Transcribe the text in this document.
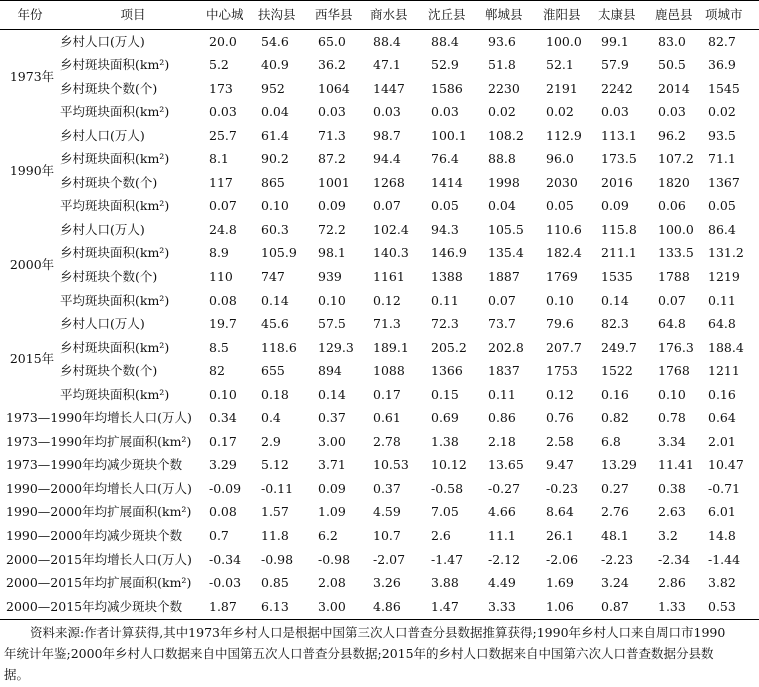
年份	项目	中心城	扶沟县	西华县	商水县	沈丘县	郸城县	淮阳县	太康县	鹿邑县	项城市
1973年	乡村人口(万人)	20.0	54.6	65.0	88.4	88.4	93.6	100.0	99.1	83.0	82.7
	乡村斑块面积(km²)	5.2	40.9	36.2	47.1	52.9	51.8	52.1	57.9	50.5	36.9
	乡村斑块个数(个)	173	952	1064	1447	1586	2230	2191	2242	2014	1545
	平均斑块面积(km²)	0.03	0.04	0.03	0.03	0.03	0.02	0.02	0.03	0.03	0.02
1990年	乡村人口(万人)	25.7	61.4	71.3	98.7	100.1	108.2	112.9	113.1	96.2	93.5
	乡村斑块面积(km²)	8.1	90.2	87.2	94.4	76.4	88.8	96.0	173.5	107.2	71.1
	乡村斑块个数(个)	117	865	1001	1268	1414	1998	2030	2016	1820	1367
	平均斑块面积(km²)	0.07	0.10	0.09	0.07	0.05	0.04	0.05	0.09	0.06	0.05
2000年	乡村人口(万人)	24.8	60.3	72.2	102.4	94.3	105.5	110.6	115.8	100.0	86.4
	乡村斑块面积(km²)	8.9	105.9	98.1	140.3	146.9	135.4	182.4	211.1	133.5	131.2
	乡村斑块个数(个)	110	747	939	1161	1388	1887	1769	1535	1788	1219
	平均斑块面积(km²)	0.08	0.14	0.10	0.12	0.11	0.07	0.10	0.14	0.07	0.11
2015年	乡村人口(万人)	19.7	45.6	57.5	71.3	72.3	73.7	79.6	82.3	64.8	64.8
	乡村斑块面积(km²)	8.5	118.6	129.3	189.1	205.2	202.8	207.7	249.7	176.3	188.4
	乡村斑块个数(个)	82	655	894	1088	1366	1837	1753	1522	1768	1211
	平均斑块面积(km²)	0.10	0.18	0.14	0.17	0.15	0.11	0.12	0.16	0.10	0.16
1973—1990年均增长人口(万人)		0.34	0.4	0.37	0.61	0.69	0.86	0.76	0.82	0.78	0.64
1973—1990年均扩展面积(km²)		0.17	2.9	3.00	2.78	1.38	2.18	2.58	6.8	3.34	2.01
1973—1990年均减少斑块个数		3.29	5.12	3.71	10.53	10.12	13.65	9.47	13.29	11.41	10.47
1990—2000年均增长人口(万人)		-0.09	-0.11	0.09	0.37	-0.58	-0.27	-0.23	0.27	0.38	-0.71
1990—2000年均扩展面积(km²)		0.08	1.57	1.09	4.59	7.05	4.66	8.64	2.76	2.63	6.01
1990—2000年均减少斑块个数		0.7	11.8	6.2	10.7	2.6	11.1	26.1	48.1	3.2	14.8
2000—2015年均增长人口(万人)		-0.34	-0.98	-0.98	-2.07	-1.47	-2.12	-2.06	-2.23	-2.34	-1.44
2000—2015年均扩展面积(km²)		-0.03	0.85	2.08	3.26	3.88	4.49	1.69	3.24	2.86	3.82
2000—2015年均减少斑块个数		1.87	6.13	3.00	4.86	1.47	3.33	1.06	0.87	1.33	0.53
资料来源:作者计算获得,其中1973年乡村人口是根据中国第三次人口普查分县数据推算获得;1990年乡村人口来自周口市1990年统计年鉴;2000年乡村人口数据来自中国第五次人口普查分县数据;2015年的乡村人口数据来自中国第六次人口普查数据分县数据。
